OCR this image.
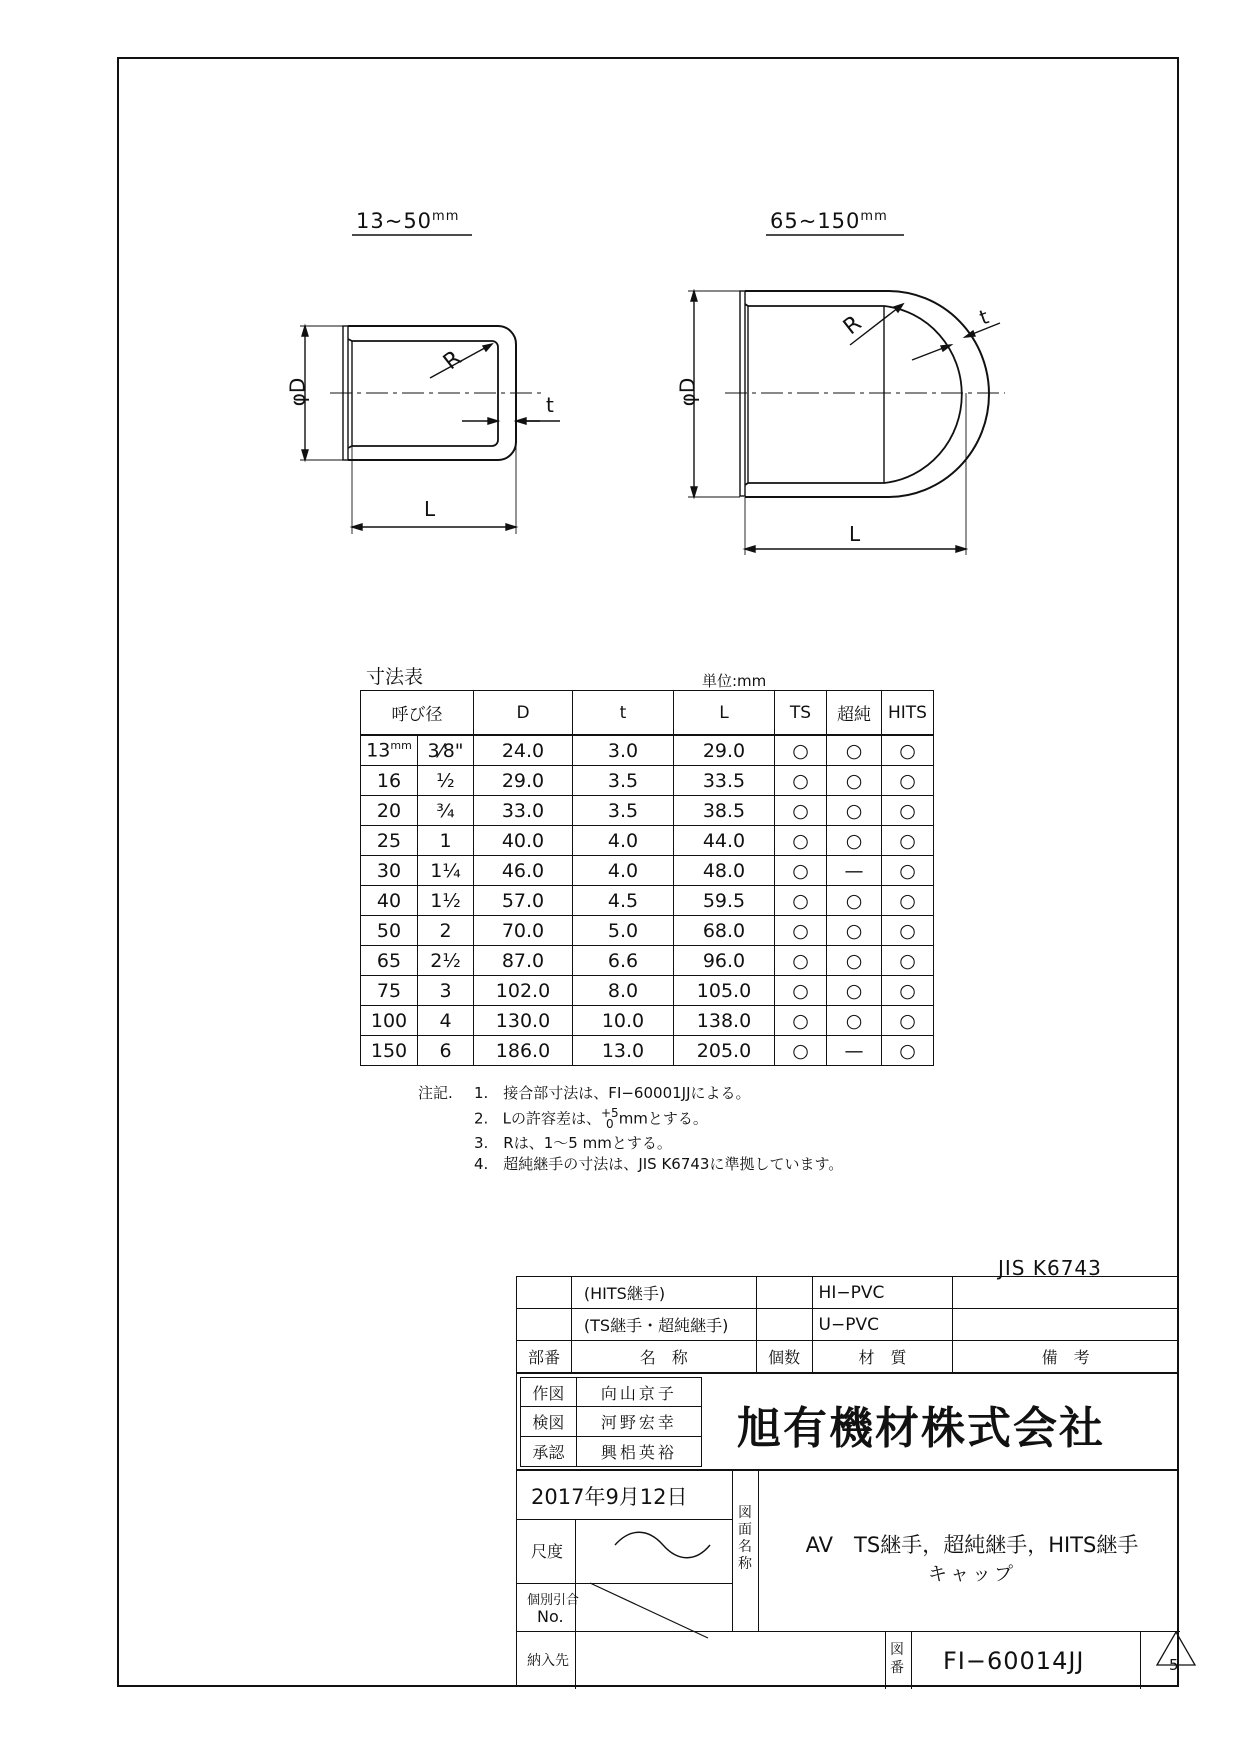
$13\sim 50^{mm}$	$65\sim 150^{mm}$
φD
L
R
t	φD
L
R	t
寸法表	単位:mm
呼び径		D	t	L	TS	超純	HITS
$13^{mm}$	3⁄8"	24.0	3.0	29.0	○	○	○
16	½	29.0	3.5	33.5	○	○	○
20	¾	33.0	3.5	38.5	○	○	○
25	1	40.0	4.0	44.0	○	○	○
30	1¼	46.0	4.0	48.0	○	—	○
40	1½	57.0	4.5	59.5	○	○	○
50	2	70.0	5.0	68.0	○	○	○
65	2½	87.0	6.6	96.0	○	○	○
75	3	102.0	8.0	105.0	○	○	○
100	4	130.0	10.0	138.0	○	○	○
150	6	186.0	13.0	205.0	○	—	○
注記. 1.　接合部寸法は、FI−60001JJによる。
2. Lの許容差は、 +5
0 mmとする。
3.　Rは、1〜5 mmとする。
4.　超純継手の寸法は、JIS K6743に準拠しています。
JIS K6743
	(HITS継手)		HI−PVC	
	(TS継手・超純継手)		U−PVC	
部番	名　称	個数	材　質	備　考
作図	向山京子
検図	河野宏幸
承認	興梠英裕 旭有機材株式会社
2017年9月12日
尺度
個別引合
No.
図面名称
AV　TS継手，超純継手，HITS継手
キャップ
納入先
図番 FI−60014JJ	5
